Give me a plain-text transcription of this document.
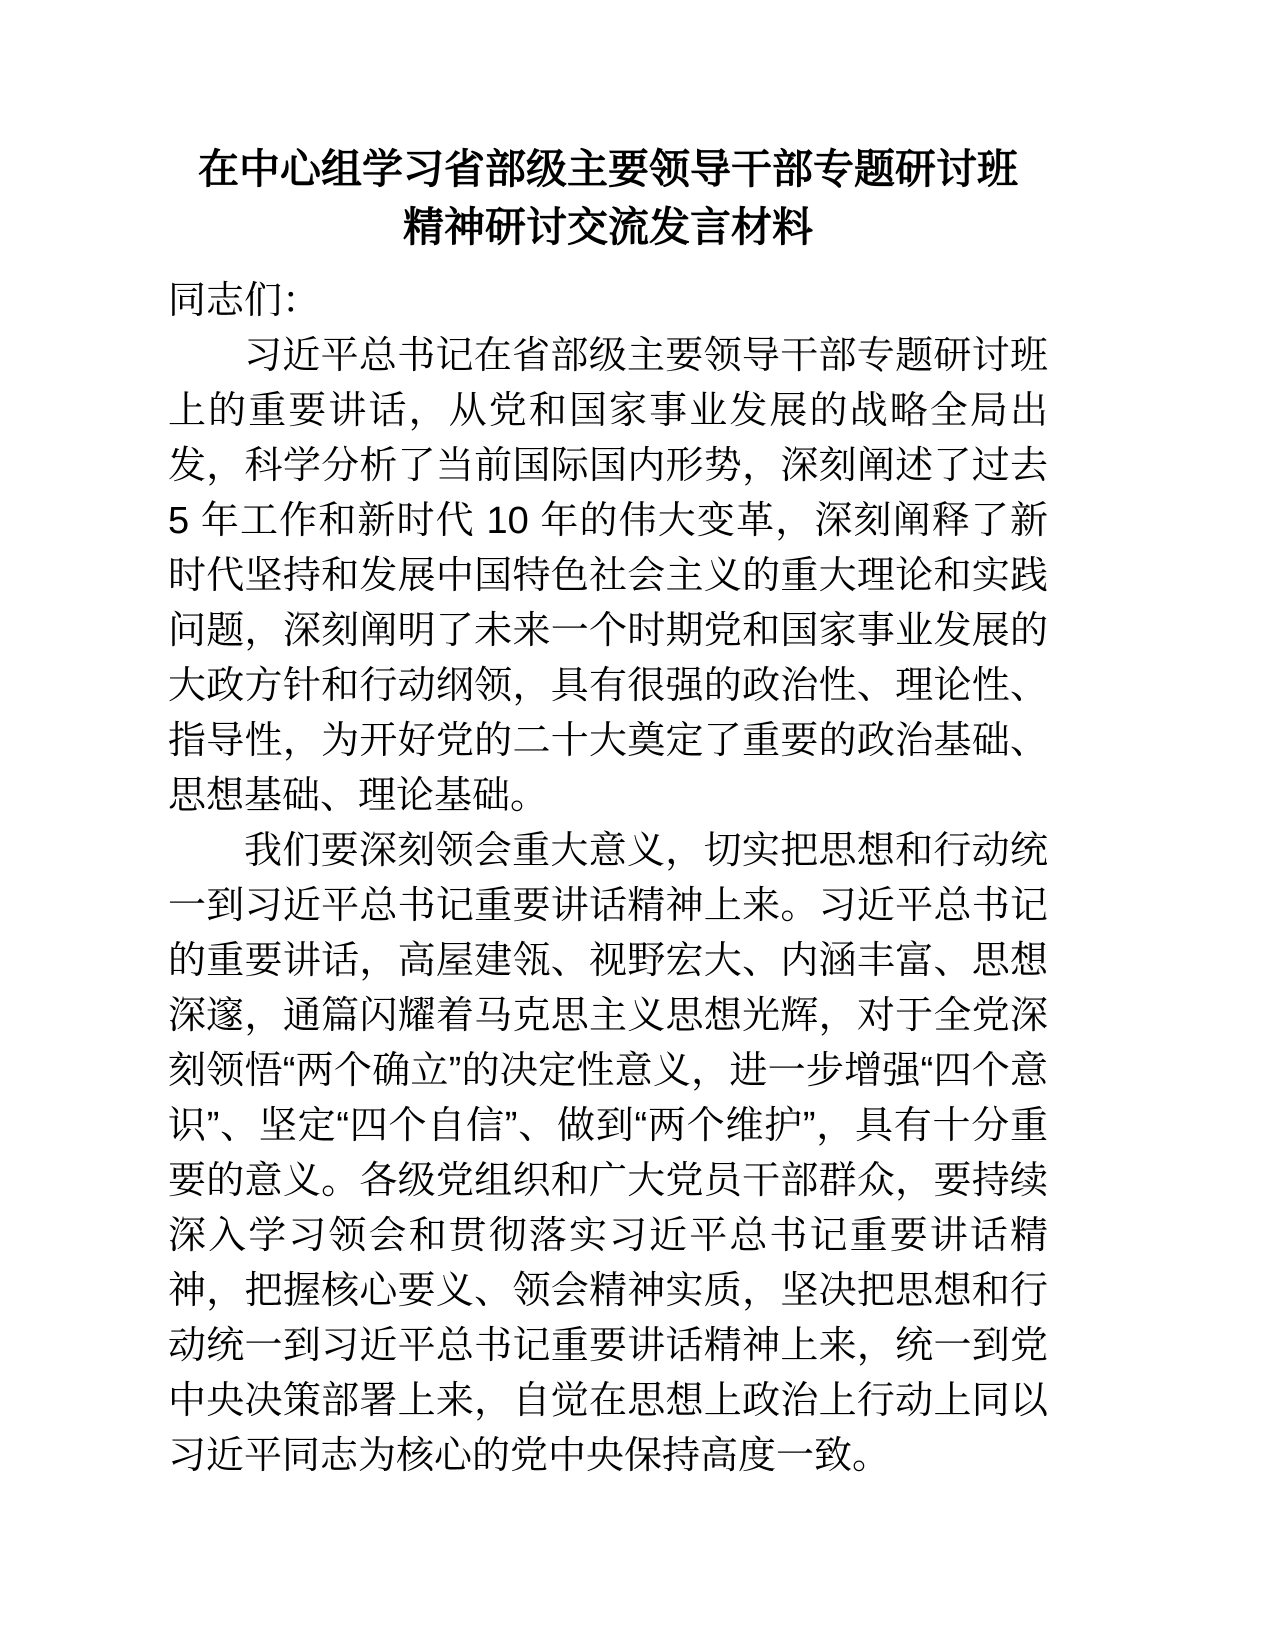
在中心组学习省部级主要领导干部专题研讨班
精神研讨交流发言材料

同志们：

习近平总书记在省部级主要领导干部专题研讨班上的重要讲话，从党和国家事业发展的战略全局出发，科学分析了当前国际国内形势，深刻阐述了过去 5 年工作和新时代 10 年的伟大变革，深刻阐释了新时代坚持和发展中国特色社会主义的重大理论和实践问题，深刻阐明了未来一个时期党和国家事业发展的大政方针和行动纲领，具有很强的政治性、理论性、指导性，为开好党的二十大奠定了重要的政治基础、思想基础、理论基础。

我们要深刻领会重大意义，切实把思想和行动统一到习近平总书记重要讲话精神上来。习近平总书记的重要讲话，高屋建瓴、视野宏大、内涵丰富、思想深邃，通篇闪耀着马克思主义思想光辉，对于全党深刻领悟“两个确立”的决定性意义，进一步增强“四个意识”、坚定“四个自信”、做到“两个维护”，具有十分重要的意义。各级党组织和广大党员干部群众，要持续深入学习领会和贯彻落实习近平总书记重要讲话精神，把握核心要义、领会精神实质，坚决把思想和行动统一到习近平总书记重要讲话精神上来，统一到党中央决策部署上来，自觉在思想上政治上行动上同以习近平同志为核心的党中央保持高度一致。
